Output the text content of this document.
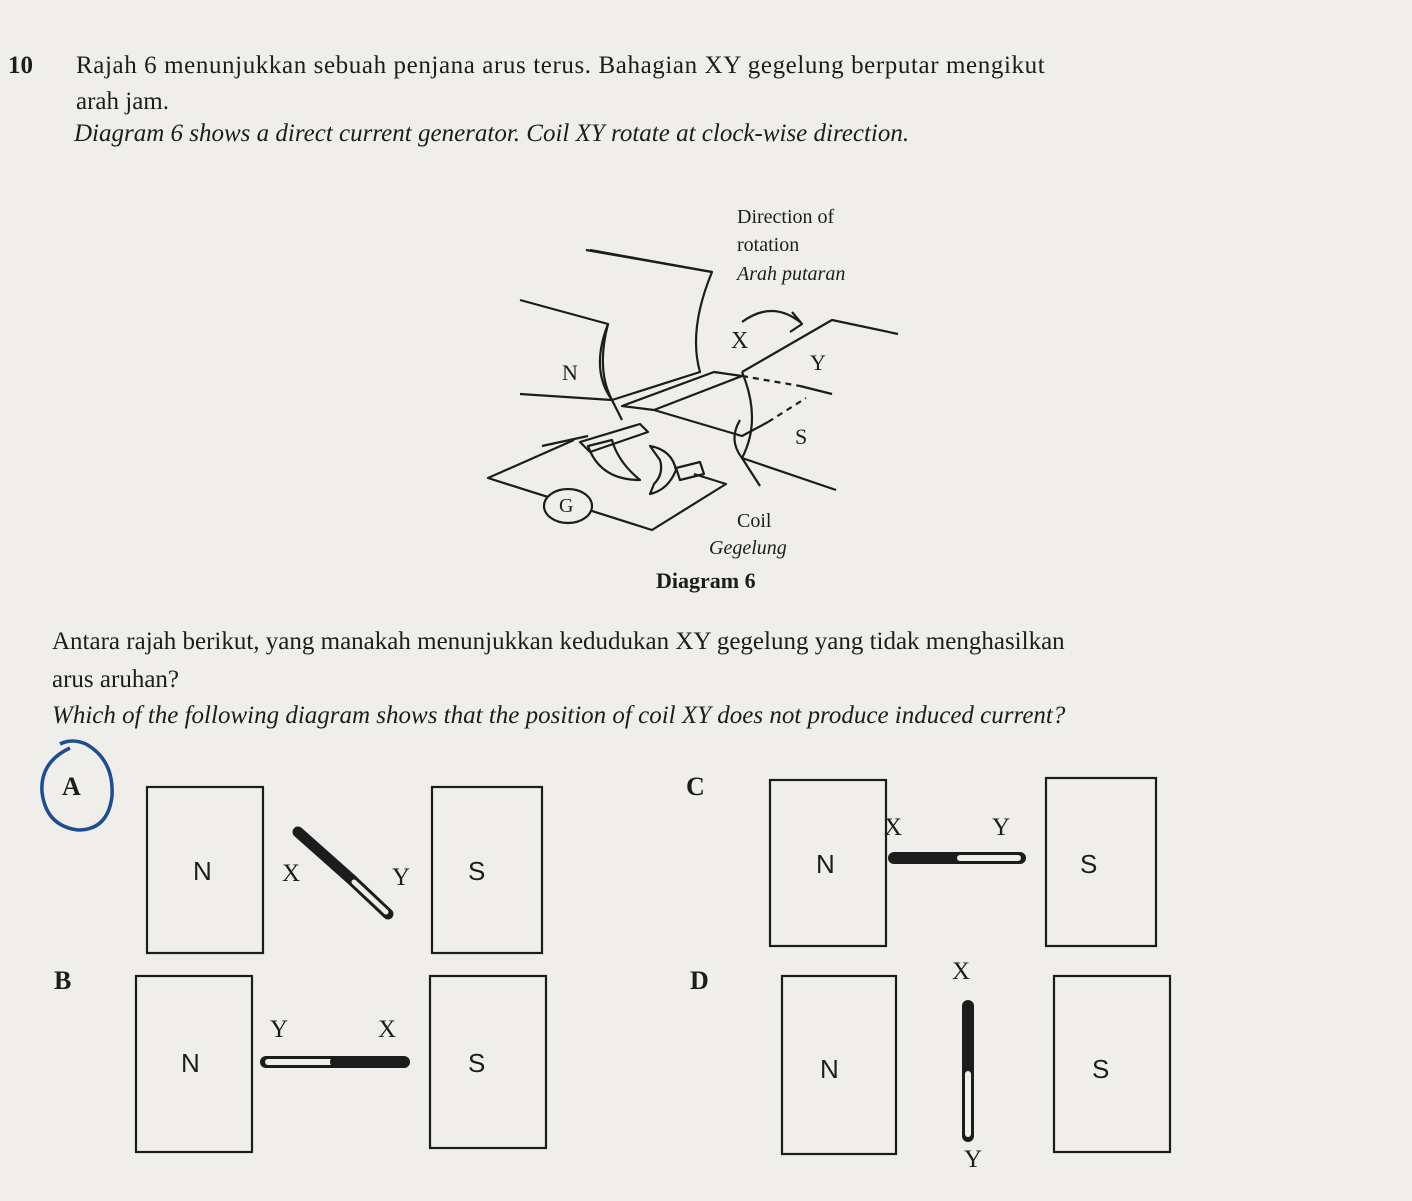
10 Rajah 6 menunjukkan sebuah penjana arus terus. Bahagian XY gegelung berputar mengikut
arah jam.
Diagram 6 shows a direct current generator. Coil XY rotate at clock-wise direction.
Direction of
rotation
Arah putaran
X
N	Y
S
G
Coil
Gegelung
Diagram 6
Antara rajah berikut, yang manakah menunjukkan kedudukan XY gegelung yang tidak menghasilkan
arus aruhan?
Which of the following diagram shows that the position of coil XY does not produce induced current?
A
N	S
X	Y
B
N	S
Y	X
C
N	S
X	Y
D
N	S
X
Y
